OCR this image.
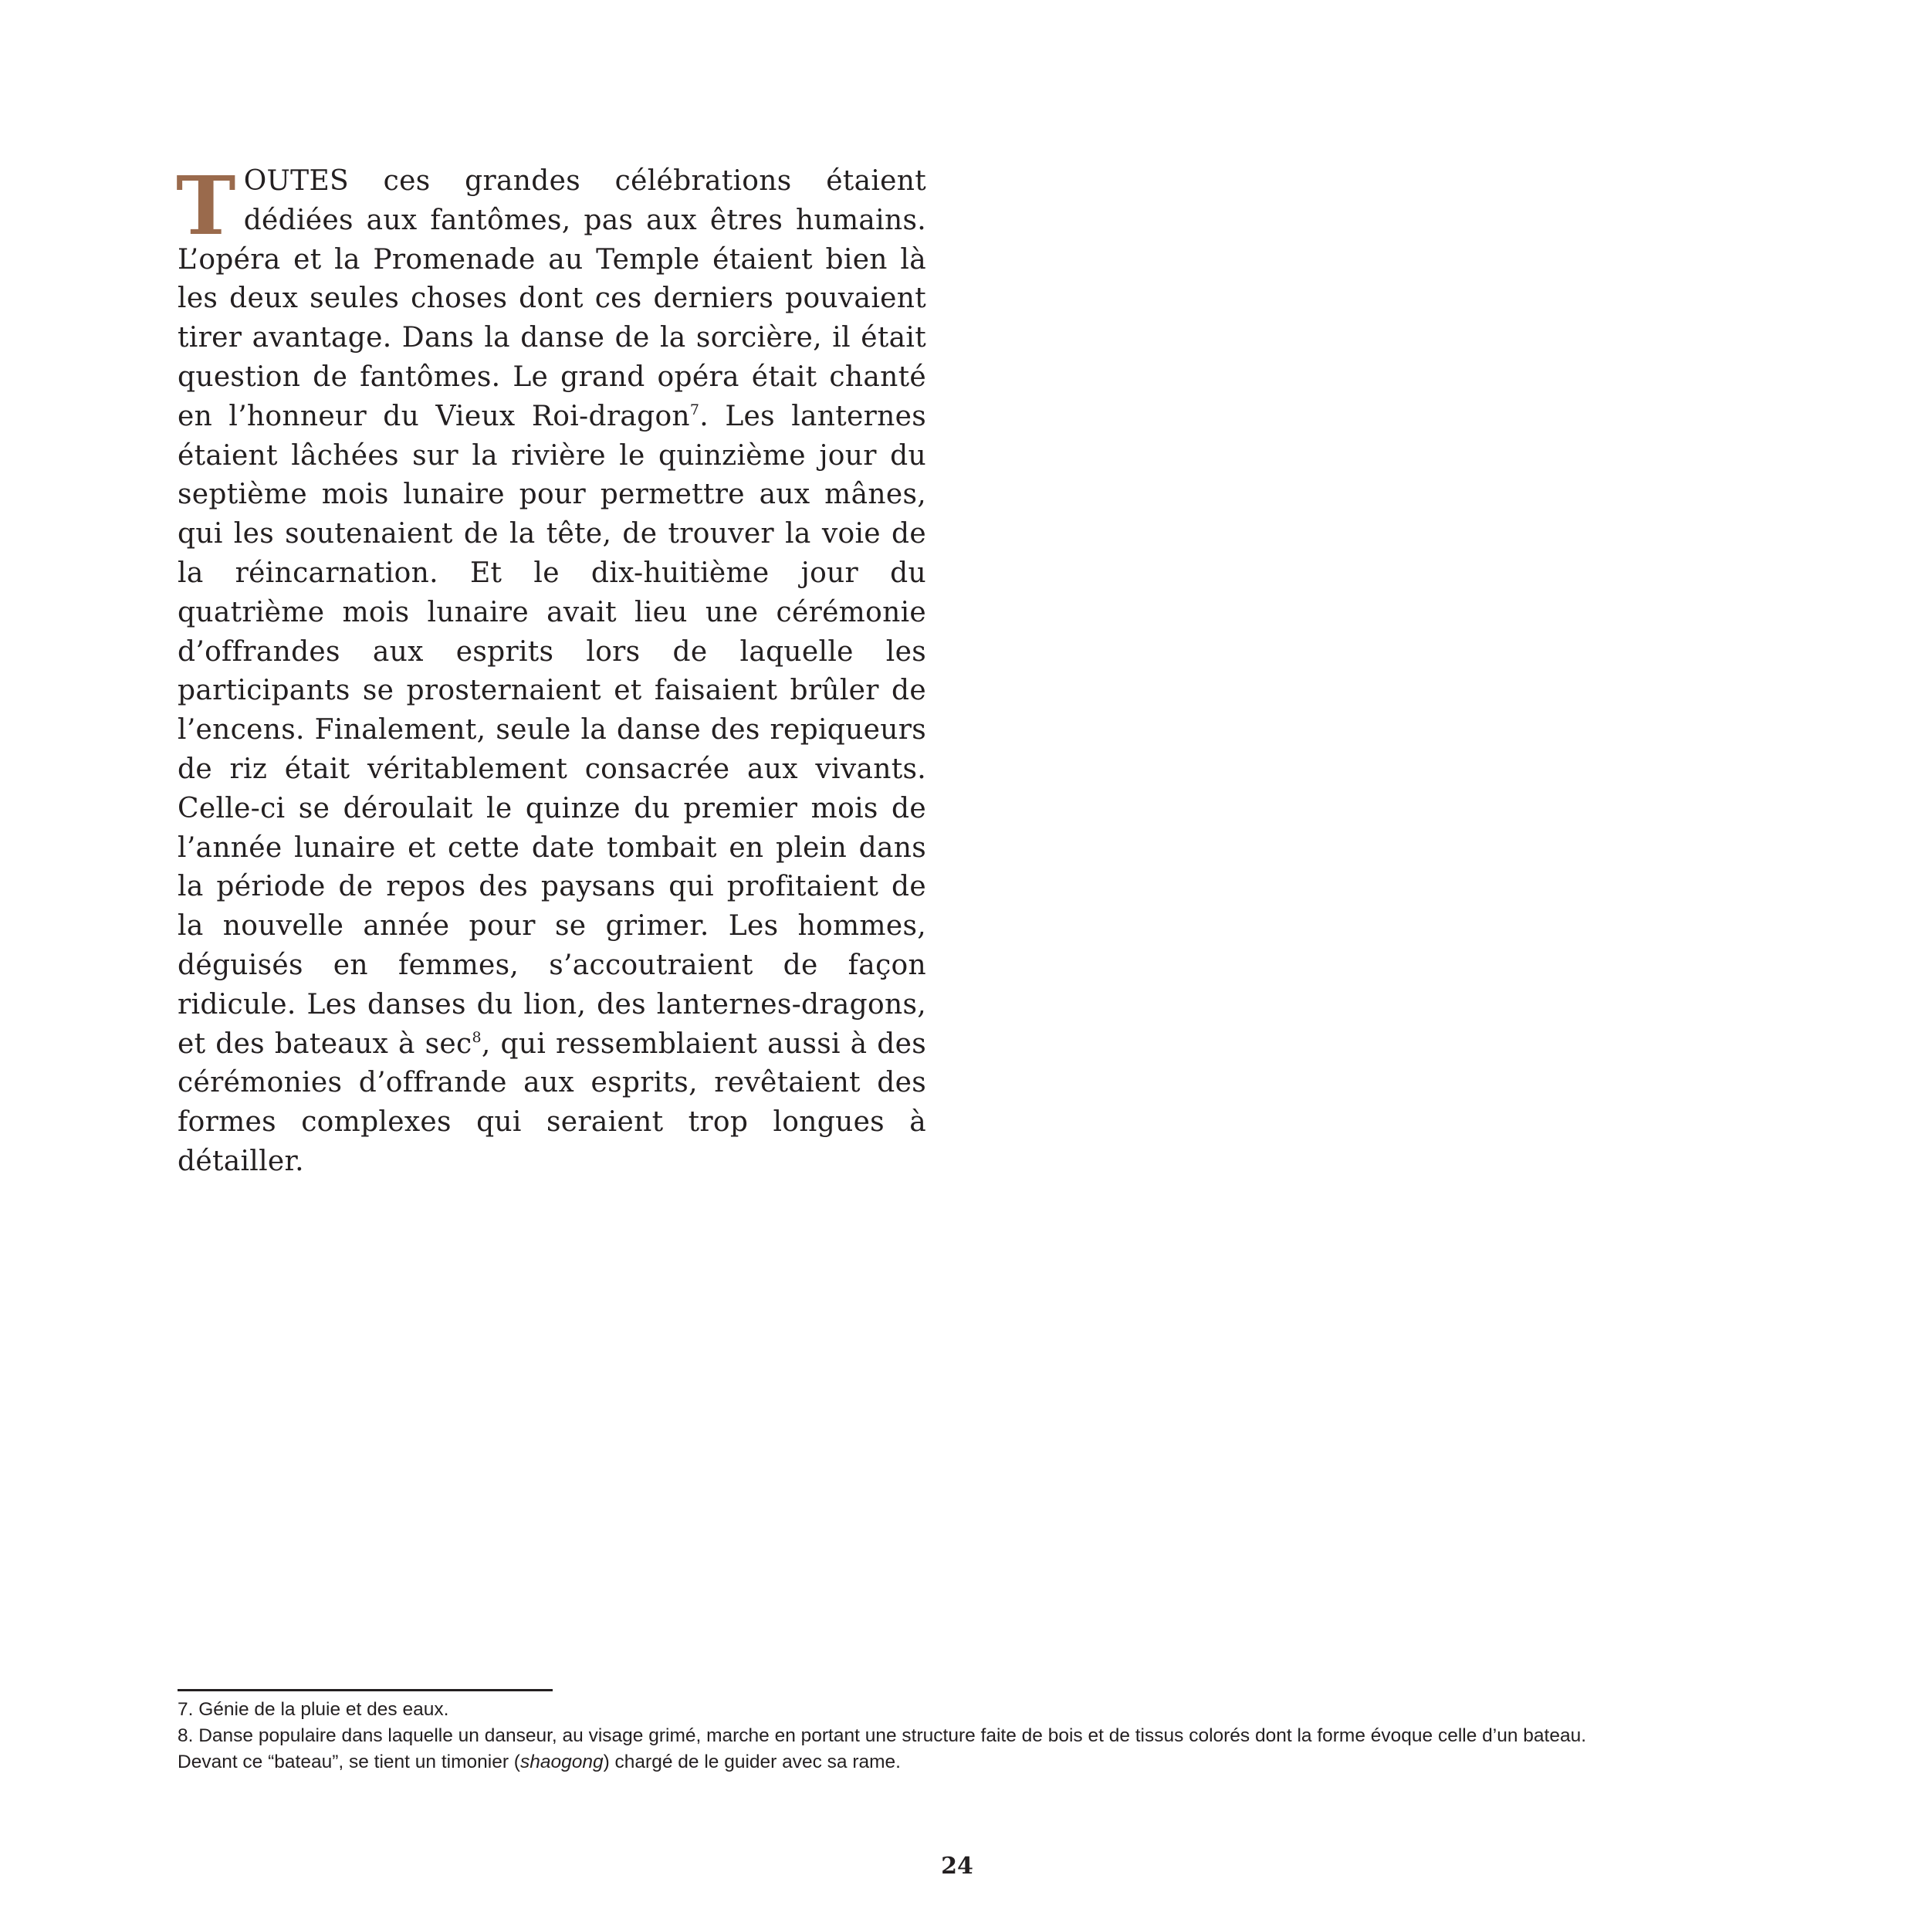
TOUTES ces grandes célébrations étaient dédiées aux fantômes, pas aux êtres humains. L’opéra et la Promenade au Temple étaient bien là les deux seules choses dont ces derniers pouvaient tirer avantage. Dans la danse de la sorcière, il était question de fantômes. Le grand opéra était chanté en l’honneur du Vieux Roi-dragon$^7$. Les lanternes étaient lâchées sur la rivière le quinzième jour du septième mois lunaire pour permettre aux mânes, qui les soutenaient de la tête, de trouver la voie de la réincarnation. Et le dix-huitième jour du quatrième mois lunaire avait lieu une cérémonie d’offrandes aux esprits lors de laquelle les participants se prosternaient et faisaient brûler de l’encens. Finalement, seule la danse des repiqueurs de riz était véritablement consacrée aux vivants. Celle-ci se déroulait le quinze du premier mois de l’année lunaire et cette date tombait en plein dans la période de repos des paysans qui profitaient de la nouvelle année pour se grimer. Les hommes, déguisés en femmes, s’accoutraient de façon ridicule. Les danses du lion, des lanternes-dragons, et des bateaux à sec$^8$, qui ressemblaient aussi à des cérémonies d’offrande aux esprits, revêtaient des formes complexes qui seraient trop longues à détailler.

7. Génie de la pluie et des eaux.
8. Danse populaire dans laquelle un danseur, au visage grimé, marche en portant une structure faite de bois et de tissus colorés dont la forme évoque celle d’un bateau.
Devant ce “bateau”, se tient un timonier (shaogong) chargé de le guider avec sa rame.
24
